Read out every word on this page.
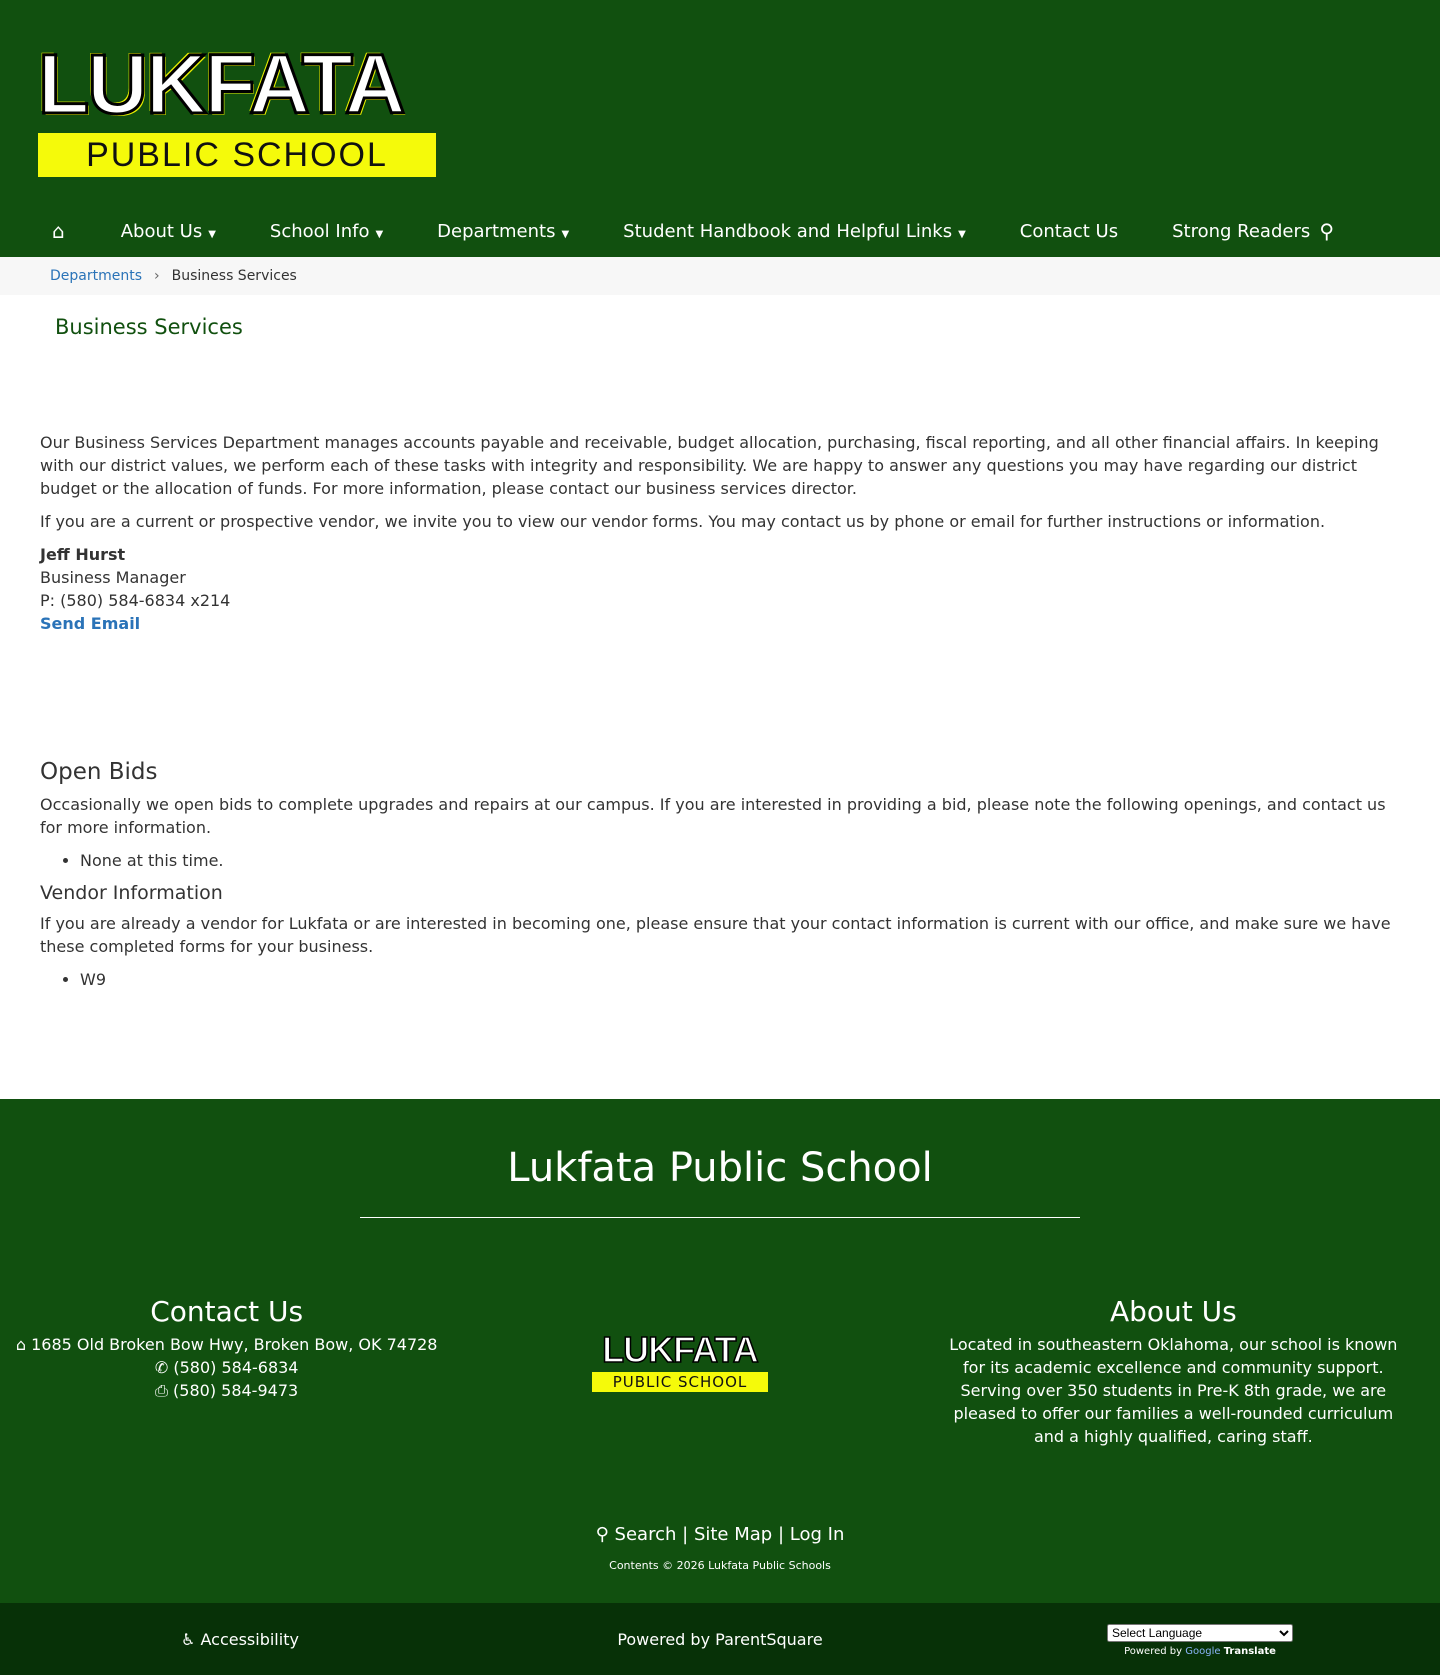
LUKFATA
PUBLIC SCHOOL
⌂	About Us ▼	School Info ▼	Departments ▼	Student Handbook and Helpful Links ▼	Contact Us	Strong Readers ⚲
Departments › Business Services
Business Services

Our Business Services Department manages accounts payable and receivable, budget allocation, purchasing, fiscal reporting, and all other financial affairs. In keeping with our district values, we perform each of these tasks with integrity and responsibility. We are happy to answer any questions you may have regarding our district budget or the allocation of funds. For more information, please contact our business services director.

If you are a current or prospective vendor, we invite you to view our vendor forms. You may contact us by phone or email for further instructions or information.

Jeff Hurst
Business Manager
P: (580) 584-6834 x214
Send Email
Open Bids

Occasionally we open bids to complete upgrades and repairs at our campus. If you are interested in providing a bid, please note the following openings, and contact us for more information.

• None at this time.
Vendor Information

If you are already a vendor for Lukfata or are interested in becoming one, please ensure that your contact information is current with our office, and make sure we have these completed forms for your business.

• W9
Lukfata Public School
Contact Us
⌂ 1685 Old Broken Bow Hwy, Broken Bow, OK 74728
✆ (580) 584-6834
⎙ (580) 584-9473
LUKFATA
PUBLIC SCHOOL
About Us
Located in southeastern Oklahoma, our school is known for its academic excellence and community support. Serving over 350 students in Pre-K 8th grade, we are pleased to offer our families a well-rounded curriculum and a highly qualified, caring staff.
⚲ Search | Site Map | Log In
Contents © 2026 Lukfata Public Schools
♿ Accessibility	Powered by ParentSquare
Select Language
Powered by Google Translate
